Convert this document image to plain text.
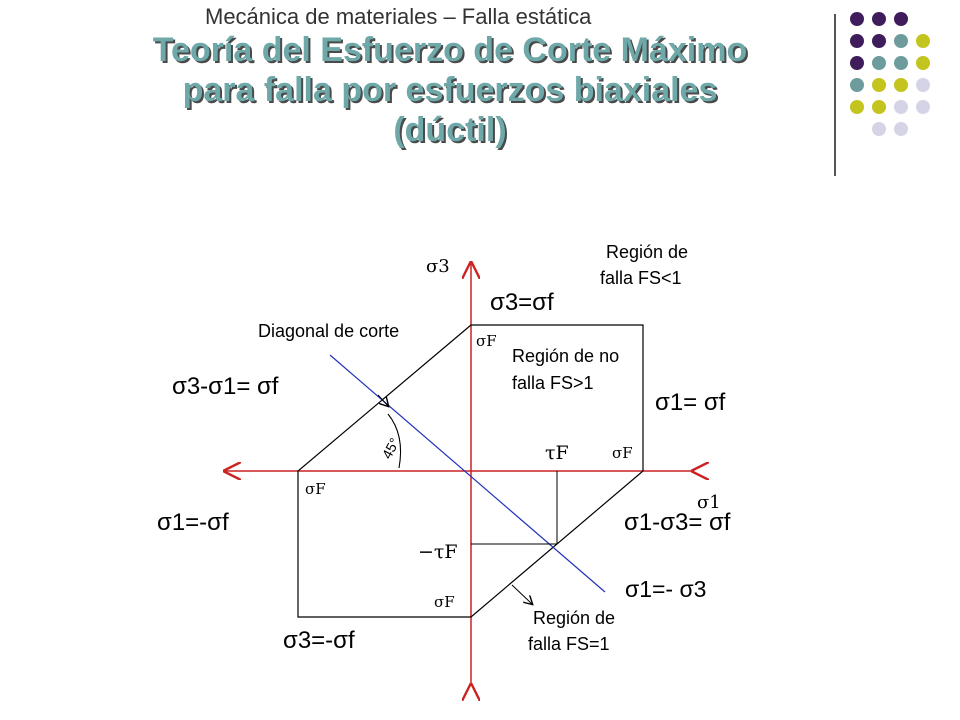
Mecánica de materiales – Falla estática
Teoría del Esfuerzo de Corte Máximo
para falla por esfuerzos biaxiales
(dúctil)
σ3
σ1
Región de
falla FS<1
Región de no
falla FS>1
Región de
falla FS=1
Diagonal de corte
45°
σ3=σf
σ3-σ1= σf
σ1= σf
σ1=-σf	σ1-σ3= σf
σ1=- σ3
σ3=-σf
σF
σF
σF
σF
τF
−τF
